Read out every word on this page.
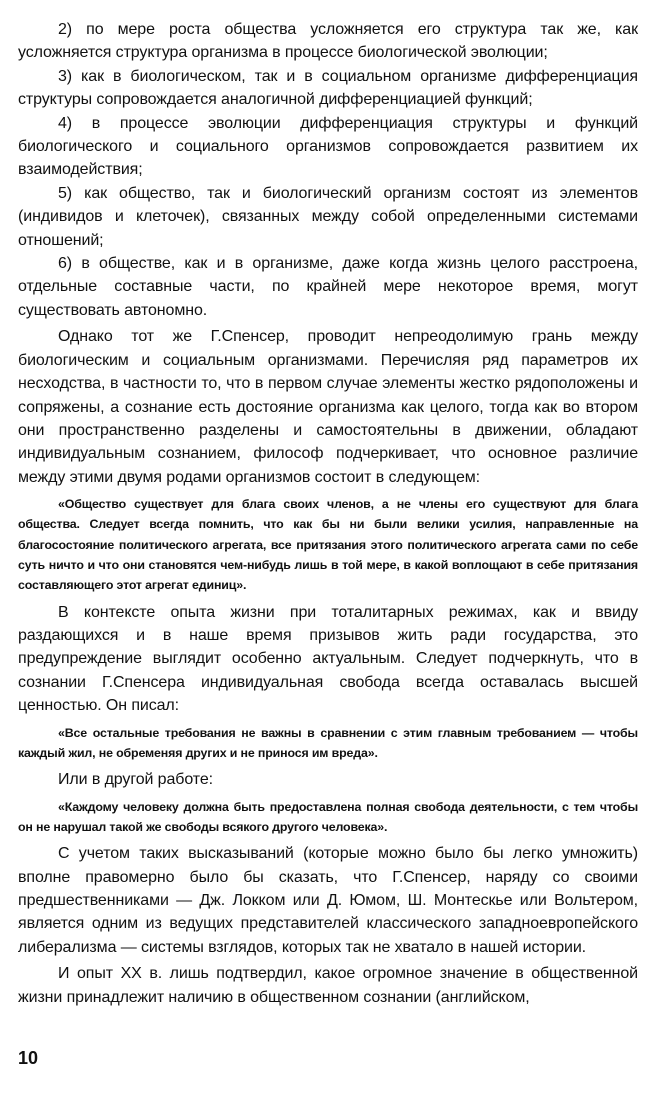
2) по мере роста общества усложняется его структура так же, как усложняется структура организма в процессе биологической эволюции;

3) как в биологическом, так и в социальном организме дифференциация структуры сопровождается аналогичной дифференциацией функций;

4) в процессе эволюции дифференциация структуры и функций биологического и социального организмов сопровождается развитием их взаимодействия;

5) как общество, так и биологический организм состоят из элементов (индивидов и клеточек), связанных между собой определенными системами отношений;

6) в обществе, как и в организме, даже когда жизнь целого расстроена, отдельные составные части, по крайней мере некоторое время, могут существовать автономно.

Однако тот же Г.Спенсер, проводит непреодолимую грань между биологическим и социальным организмами. Перечисляя ряд параметров их несходства, в частности то, что в первом случае элементы жестко рядоположены и сопряжены, а сознание есть достояние организма как целого, тогда как во втором они пространственно разделены и самостоятельны в движении, обладают индивидуальным сознанием, философ подчеркивает, что основное различие между этими двумя родами организмов состоит в следующем:

«Общество существует для блага своих членов, а не члены его существуют для блага общества. Следует всегда помнить, что как бы ни были велики усилия, направленные на благосостояние политического агрегата, все притязания этого политического агрегата сами по себе суть ничто и что они становятся чем-нибудь лишь в той мере, в какой воплощают в себе притязания составляющего этот агрегат единиц».

В контексте опыта жизни при тоталитарных режимах, как и ввиду раздающихся и в наше время призывов жить ради государства, это предупреждение выглядит особенно актуальным. Следует подчеркнуть, что в сознании Г.Спенсера индивидуальная свобода всегда оставалась высшей ценностью. Он писал:

«Все остальные требования не важны в сравнении с этим главным требованием — чтобы каждый жил, не обременяя других и не принося им вреда».

Или в другой работе:

«Каждому человеку должна быть предоставлена полная свобода деятельности, с тем чтобы он не нарушал такой же свободы всякого другого человека».

С учетом таких высказываний (которые можно было бы легко умножить) вполне правомерно было бы сказать, что Г.Спенсер, наряду со своими предшественниками — Дж. Локком или Д. Юмом, Ш. Монтескье или Вольтером, является одним из ведущих представителей классического западноевропейского либерализма — системы взглядов, которых так не хватало в нашей истории.

И опыт XX в. лишь подтвердил, какое огромное значение в общественной жизни принадлежит наличию в общественном сознании (английском,

10
